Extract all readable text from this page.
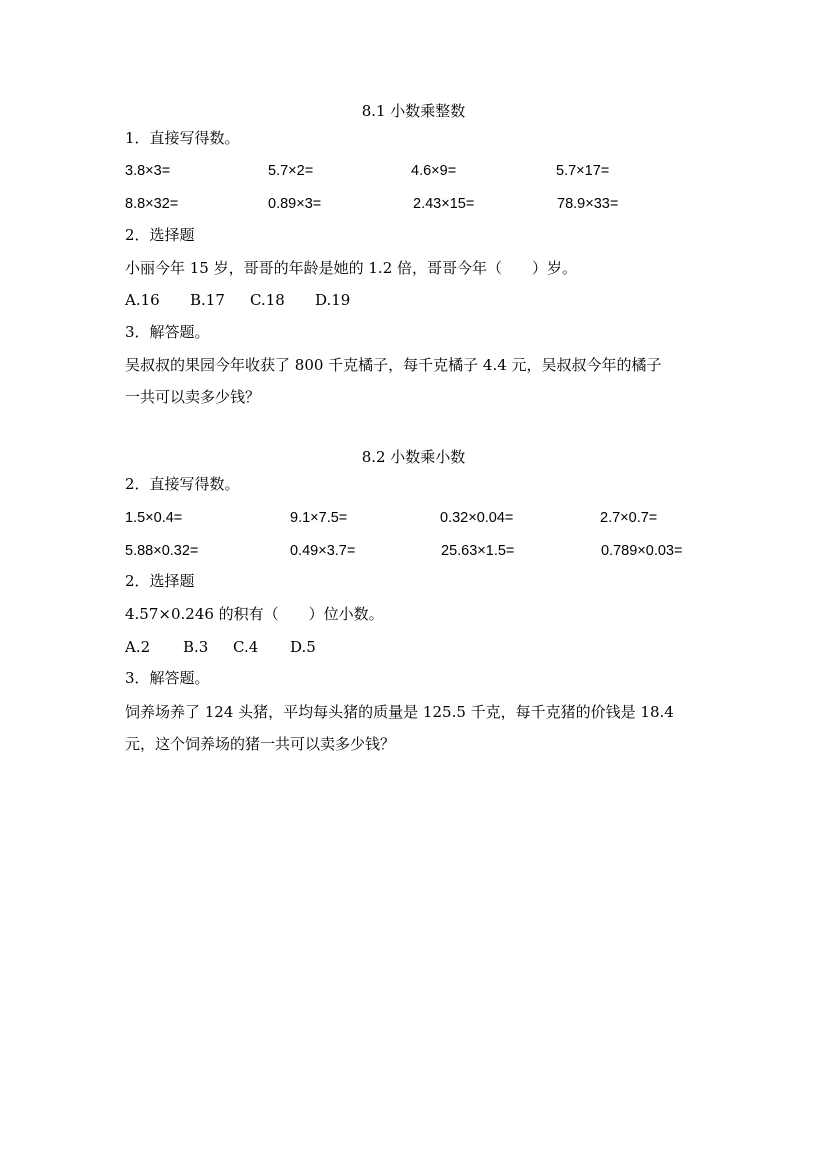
8.1 小数乘整数
1．直接写得数。
3.8×3=	5.7×2=	4.6×9=	5.7×17=
8.8×32=	0.89×3=	2.43×15=	78.9×33=
2．选择题
小丽今年 15 岁，哥哥的年龄是她的 1.2 倍，哥哥今年（　　）岁。
A.16 B.17 C.18 D.19
3．解答题。
吴叔叔的果园今年收获了 800 千克橘子，每千克橘子 4.4 元，吴叔叔今年的橘子
一共可以卖多少钱？
8.2 小数乘小数
2．直接写得数。
1.5×0.4=	9.1×7.5=	0.32×0.04=	2.7×0.7=
5.88×0.32=	0.49×3.7=	25.63×1.5=	0.789×0.03=
2．选择题
4.57×0.246 的积有（　　）位小数。
A.2 B.3 C.4 D.5
3．解答题。
饲养场养了 124 头猪，平均每头猪的质量是 125.5 千克，每千克猪的价钱是 18.4
元，这个饲养场的猪一共可以卖多少钱？
